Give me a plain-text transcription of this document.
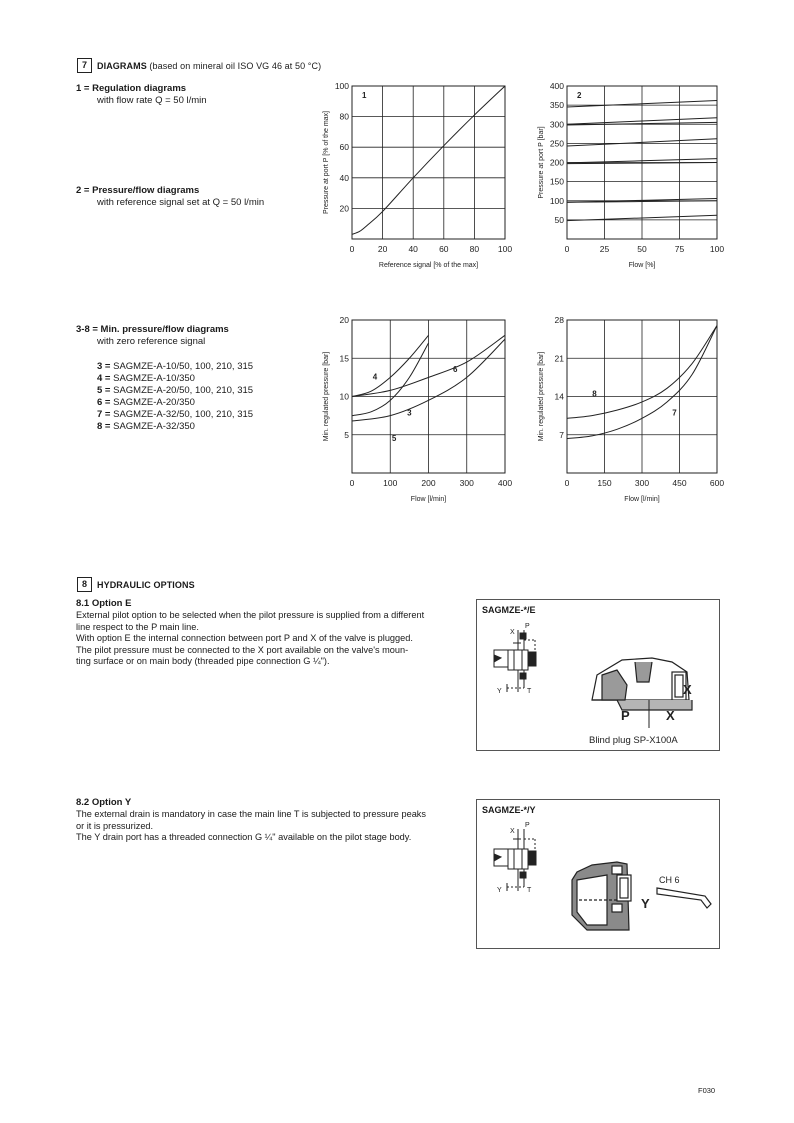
7	DIAGRAMS (based on mineral oil ISO VG 46 at 50 °C)
1 = Regulation diagrams
with flow rate Q = 50 l/min
2 = Pressure/flow diagrams
with reference signal set at Q = 50 l/min
3-8 = Min. pressure/flow diagrams
with zero reference signal
3 = SAGMZE-A-10/50, 100, 210, 315
4 = SAGMZE-A-10/350
5 = SAGMZE-A-20/50, 100, 210, 315
6 = SAGMZE-A-20/350
7 = SAGMZE-A-32/50, 100, 210, 315
8 = SAGMZE-A-32/350
0	20 40 60 80 100
20
40
60
80
100
Reference signal [% of the max]
Pressure at port P [% of the max]
1
0	25	50	75	100
50
100
150
200
250
300
350
400
Flow [%]
Pressure at port P [bar]
2
0	100	200	300	400
5
10
15
20
Flow [l/min]
Min. regulated pressure [bar]	3
4
5
6
0	150	300	450	600
7
14
21
28
Flow [l/min]
Min. regulated pressure [bar]	7
8
8	HYDRAULIC OPTIONS
8.1 Option E
External pilot option to be selected when the pilot pressure is supplied from a different
line respect to the P main line.
With option E the internal connection between port P and X of the valve is plugged.
The pilot pressure must be connected to the X port available on the valve's moun-
ting surface or on main body (threaded pipe connection G ¼").
SAGMZE-*/E
X
P
Y	T	X
P	X
Blind plug SP-X100A
8.2 Option Y
The external drain is mandatory in case the main line T is subjected to pressure peaks
or it is pressurized.
The Y drain port has a threaded connection G ¼" available on the pilot stage body.
SAGMZE-*/Y
X
P
Y	T
CH 6
Y
F030
